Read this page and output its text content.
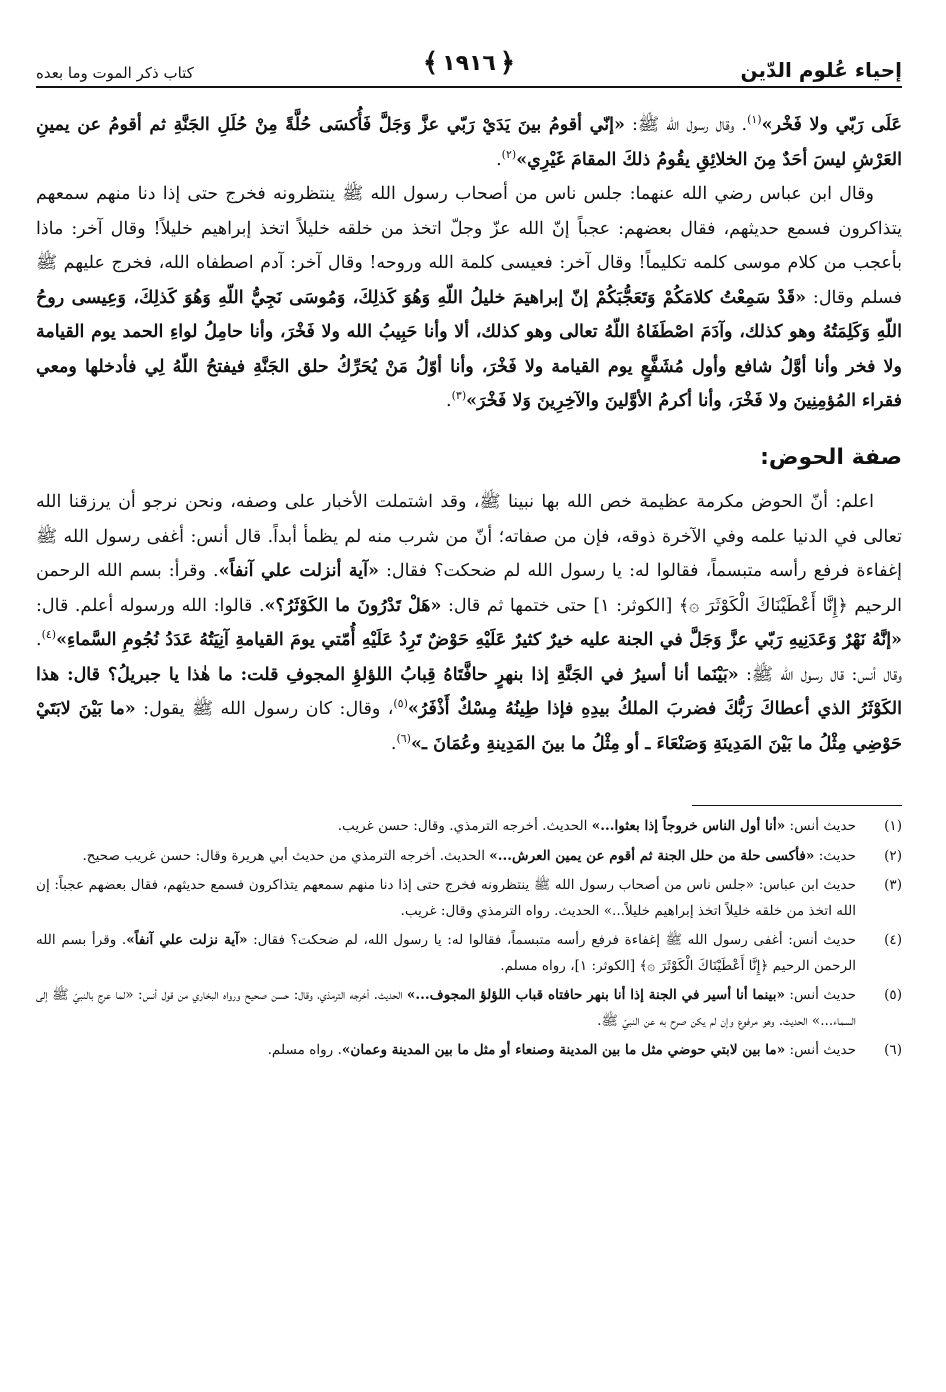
إحياء عُلوم الدّين
﴿
١٩١٦
﴾
كتاب ذكر الموت وما بعده

عَلَى رَبّي ولا فَخْر»$^{(١)}$. وقال رسول الله ﷺ: «إنّي أقومُ بينَ يَدَيْ رَبّي عزَّ وَجَلَّ فَأُكسَى حُلَّةً مِنْ حُلَلِ الجَنَّةِ ثم أقومُ عن يمينِ العَرْشِ ليسَ أحَدٌ مِنَ الخلائِقِ يقُومُ ذلكَ المقامَ غَيْرِي»$^{(٢)}$.

وقال ابن عباس رضي الله عنهما: جلس ناس من أصحاب رسول الله ﷺ ينتظرونه فخرج حتى إذا دنا منهم سمعهم يتذاكرون فسمع حديثهم، فقال بعضهم: عجباً إنّ الله عزّ وجلّ اتخذ من خلقه خليلاً اتخذ إبراهيم خليلاً! وقال آخر: ماذا بأعجب من كلام موسى كلمه تكليماً! وقال آخر: فعيسى كلمة الله وروحه! وقال آخر: آدم اصطفاه الله، فخرج عليهم ﷺ فسلم وقال: «قَدْ سَمِعْتُ كلامَكُمْ وَتَعَجُّبَكُمْ إنّ إبراهيمَ خليلُ اللّهِ وَهُوَ كَذلِكَ، وَمُوسَى نَجِيُّ اللّهِ وَهُوَ كَذلِكَ، وَعِيسى روحُ اللّهِ وَكَلِمَتُهُ وهو كذلك، وآدَمَ اصْطَفَاهُ اللّهُ تعالى وهو كذلك، ألا وأنا حَبِيبُ الله ولا فَخْرَ، وأنا حامِلُ لواءِ الحمد يوم القيامة ولا فخر وأنا أوَّلُ شافع وأول مُشَفَّعٍ يوم القيامة ولا فَخْرَ، وأنا أوّلُ مَنْ يُحَرِّكُ حلق الجَنَّةِ فيفتحُ اللّهُ لِي فأدخلها ومعي فقراء المُؤمِنِينَ ولا فَخْرَ، وأنا أكرمُ الأوَّلينَ والآخِرِينَ وَلا فَخْرَ»$^{(٣)}$.

صفة الحوض:

اعلم: أنّ الحوض مكرمة عظيمة خص الله بها نبينا ﷺ، وقد اشتملت الأخبار على وصفه، ونحن نرجو أن يرزقنا الله تعالى في الدنيا علمه وفي الآخرة ذوقه، فإن من صفاته؛ أنّ من شرب منه لم يظمأ أبداً. قال أنس: أغفى رسول الله ﷺ إغفاءة فرفع رأسه متبسماً، فقالوا له: يا رسول الله لم ضحكت؟ فقال: «آية أنزلت علي آنفاً». وقرأ: بسم الله الرحمن الرحيم ﴿إِنَّا أَعْطَيْنَاكَ الْكَوْثَرَ ۞﴾ [الكوثر: ١] حتى ختمها ثم قال: «هَلْ تَدْرُونَ ما الكَوْثَرُ؟». قالوا: الله ورسوله أعلم. قال: «إنَّهُ نَهْرٌ وَعَدَنِيهِ رَبّي عزَّ وَجَلَّ في الجنة عليه خيرٌ كثيرٌ عَلَيْهِ حَوْضٌ تَرِدُ عَلَيْهِ أُمّتي يومَ القيامةِ آنِيَتُهُ عَدَدُ نُجُومِ السَّماءِ»$^{(٤)}$. وقال أنس: قال رسول الله ﷺ: «بَيْنَما أنا أسيرُ في الجَنَّةِ إذا بنهرٍ حافَّتَاهُ قِبابُ اللؤلؤِ المجوفِ قلت: ما هٰذا يا جبريلُ؟ قال: هذا الكَوْثَرُ الذي أعطاكَ رَبُّكَ فضربَ الملكُ بيدِهِ فإذا طِينُهُ مِسْكٌ أَذْفَرُ»$^{(٥)}$، وقال: كان رسول الله ﷺ يقول: «ما بَيْنَ لابَتَيْ حَوْضِي مِثْلُ ما بَيْنَ المَدِينَةِ وَصَنْعَاءَ ـ أو مِثْلُ ما بينَ المَدِينةِ وعُمَانَ ـ»$^{(٦)}$.

(١)
حديث أنس: «أنا أول الناس خروجاً إذا بعثوا...» الحديث. أخرجه الترمذي. وقال: حسن غريب.
(٢)
حديث: «فأكسى حلة من حلل الجنة ثم أقوم عن يمين العرش...» الحديث. أخرجه الترمذي من حديث أبي هريرة وقال: حسن غريب صحيح.
(٣)
حديث ابن عباس: «جلس ناس من أصحاب رسول الله ﷺ ينتظرونه فخرج حتى إذا دنا منهم سمعهم يتذاكرون فسمع حديثهم، فقال بعضهم عجباً: إن الله اتخذ من خلقه خليلاً اتخذ إبراهيم خليلاً...» الحديث. رواه الترمذي وقال: غريب.
(٤)
حديث أنس: أغفى رسول الله ﷺ إغفاءة فرفع رأسه متبسماً، فقالوا له: يا رسول الله، لم ضحكت؟ فقال: «آية نزلت علي آنفاً». وقرأ بسم الله الرحمن الرحيم ﴿إِنَّا أَعْطَيْنَاكَ الْكَوْثَرَ ۞﴾ [الكوثر: ١]، رواه مسلم.
(٥)
حديث أنس: «بينما أنا أسير في الجنة إذا أنا بنهر حافتاه قباب اللؤلؤ المجوف...» الحديث. أخرجه الترمذي، وقال: حسن صحيح ورواه البخاري من قول أنس: «لما عرج بالنبيّ ﷺ إلى السماء...» الحديث. وهو مرفوع وإن لم يكن صرح به عن النبيّ ﷺ.
(٦)
حديث أنس: «ما بين لابتي حوضي مثل ما بين المدينة وصنعاء أو مثل ما بين المدينة وعمان». رواه مسلم.
